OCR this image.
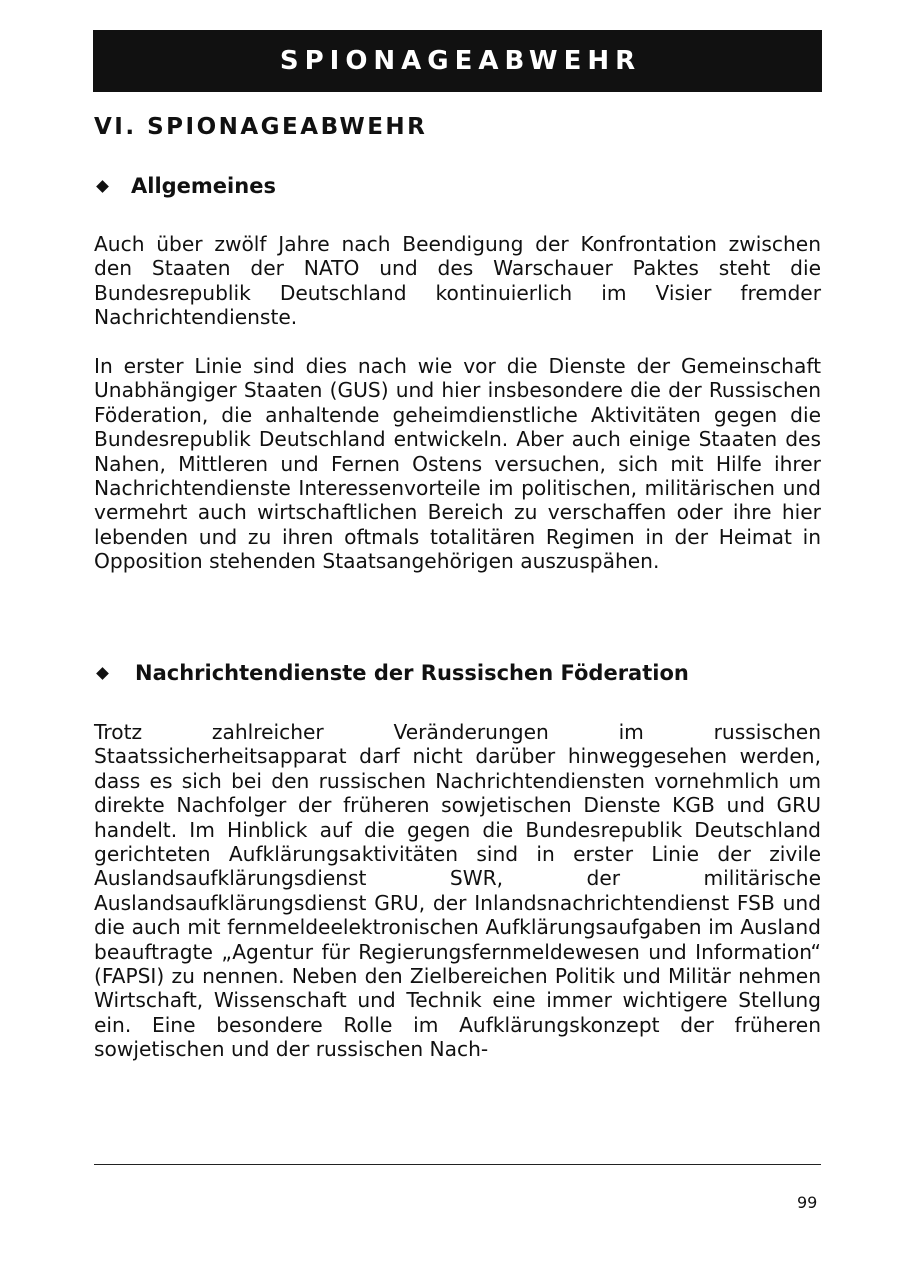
SPIONAGEABWEHR
VI. SPIONAGEABWEHR
Allgemeines

Auch über zwölf Jahre nach Beendigung der Konfrontation zwischen den Staaten der NATO und des Warschauer Paktes steht die Bundesrepublik Deutschland kontinuierlich im Visier fremder Nachrichtendienste.

In erster Linie sind dies nach wie vor die Dienste der Gemeinschaft Unabhängiger Staaten (GUS) und hier insbesondere die der Russischen Föderation, die anhaltende geheimdienstliche Aktivitäten gegen die Bundesrepublik Deutschland entwickeln. Aber auch einige Staaten des Nahen, Mittleren und Fernen Ostens versuchen, sich mit Hilfe ihrer Nachrichtendienste Interessenvorteile im politischen, militärischen und vermehrt auch wirtschaftlichen Bereich zu verschaffen oder ihre hier lebenden und zu ihren oftmals totalitären Regimen in der Heimat in Opposition stehenden Staatsangehörigen auszuspähen.

Nachrichtendienste der Russischen Föderation

Trotz zahlreicher Veränderungen im russischen Staatssicherheitsapparat darf nicht darüber hinweggesehen werden, dass es sich bei den russischen Nachrichtendiensten vornehmlich um direkte Nachfolger der früheren sowjetischen Dienste KGB und GRU handelt. Im Hinblick auf die gegen die Bundesrepublik Deutschland gerichteten Aufklärungsaktivitäten sind in erster Linie der zivile Auslandsaufklärungsdienst SWR, der militärische Auslandsaufklärungsdienst GRU, der Inlandsnachrichtendienst FSB und die auch mit fernmeldeelektronischen Aufklärungsaufgaben im Ausland beauftragte „Agentur für Regierungsfernmeldewesen und Information“ (FAPSI) zu nennen. Neben den Zielbereichen Politik und Militär nehmen Wirtschaft, Wissenschaft und Technik eine immer wichtigere Stellung ein. Eine besondere Rolle im Aufklärungskonzept der früheren sowjetischen und der russischen Nach-

99
